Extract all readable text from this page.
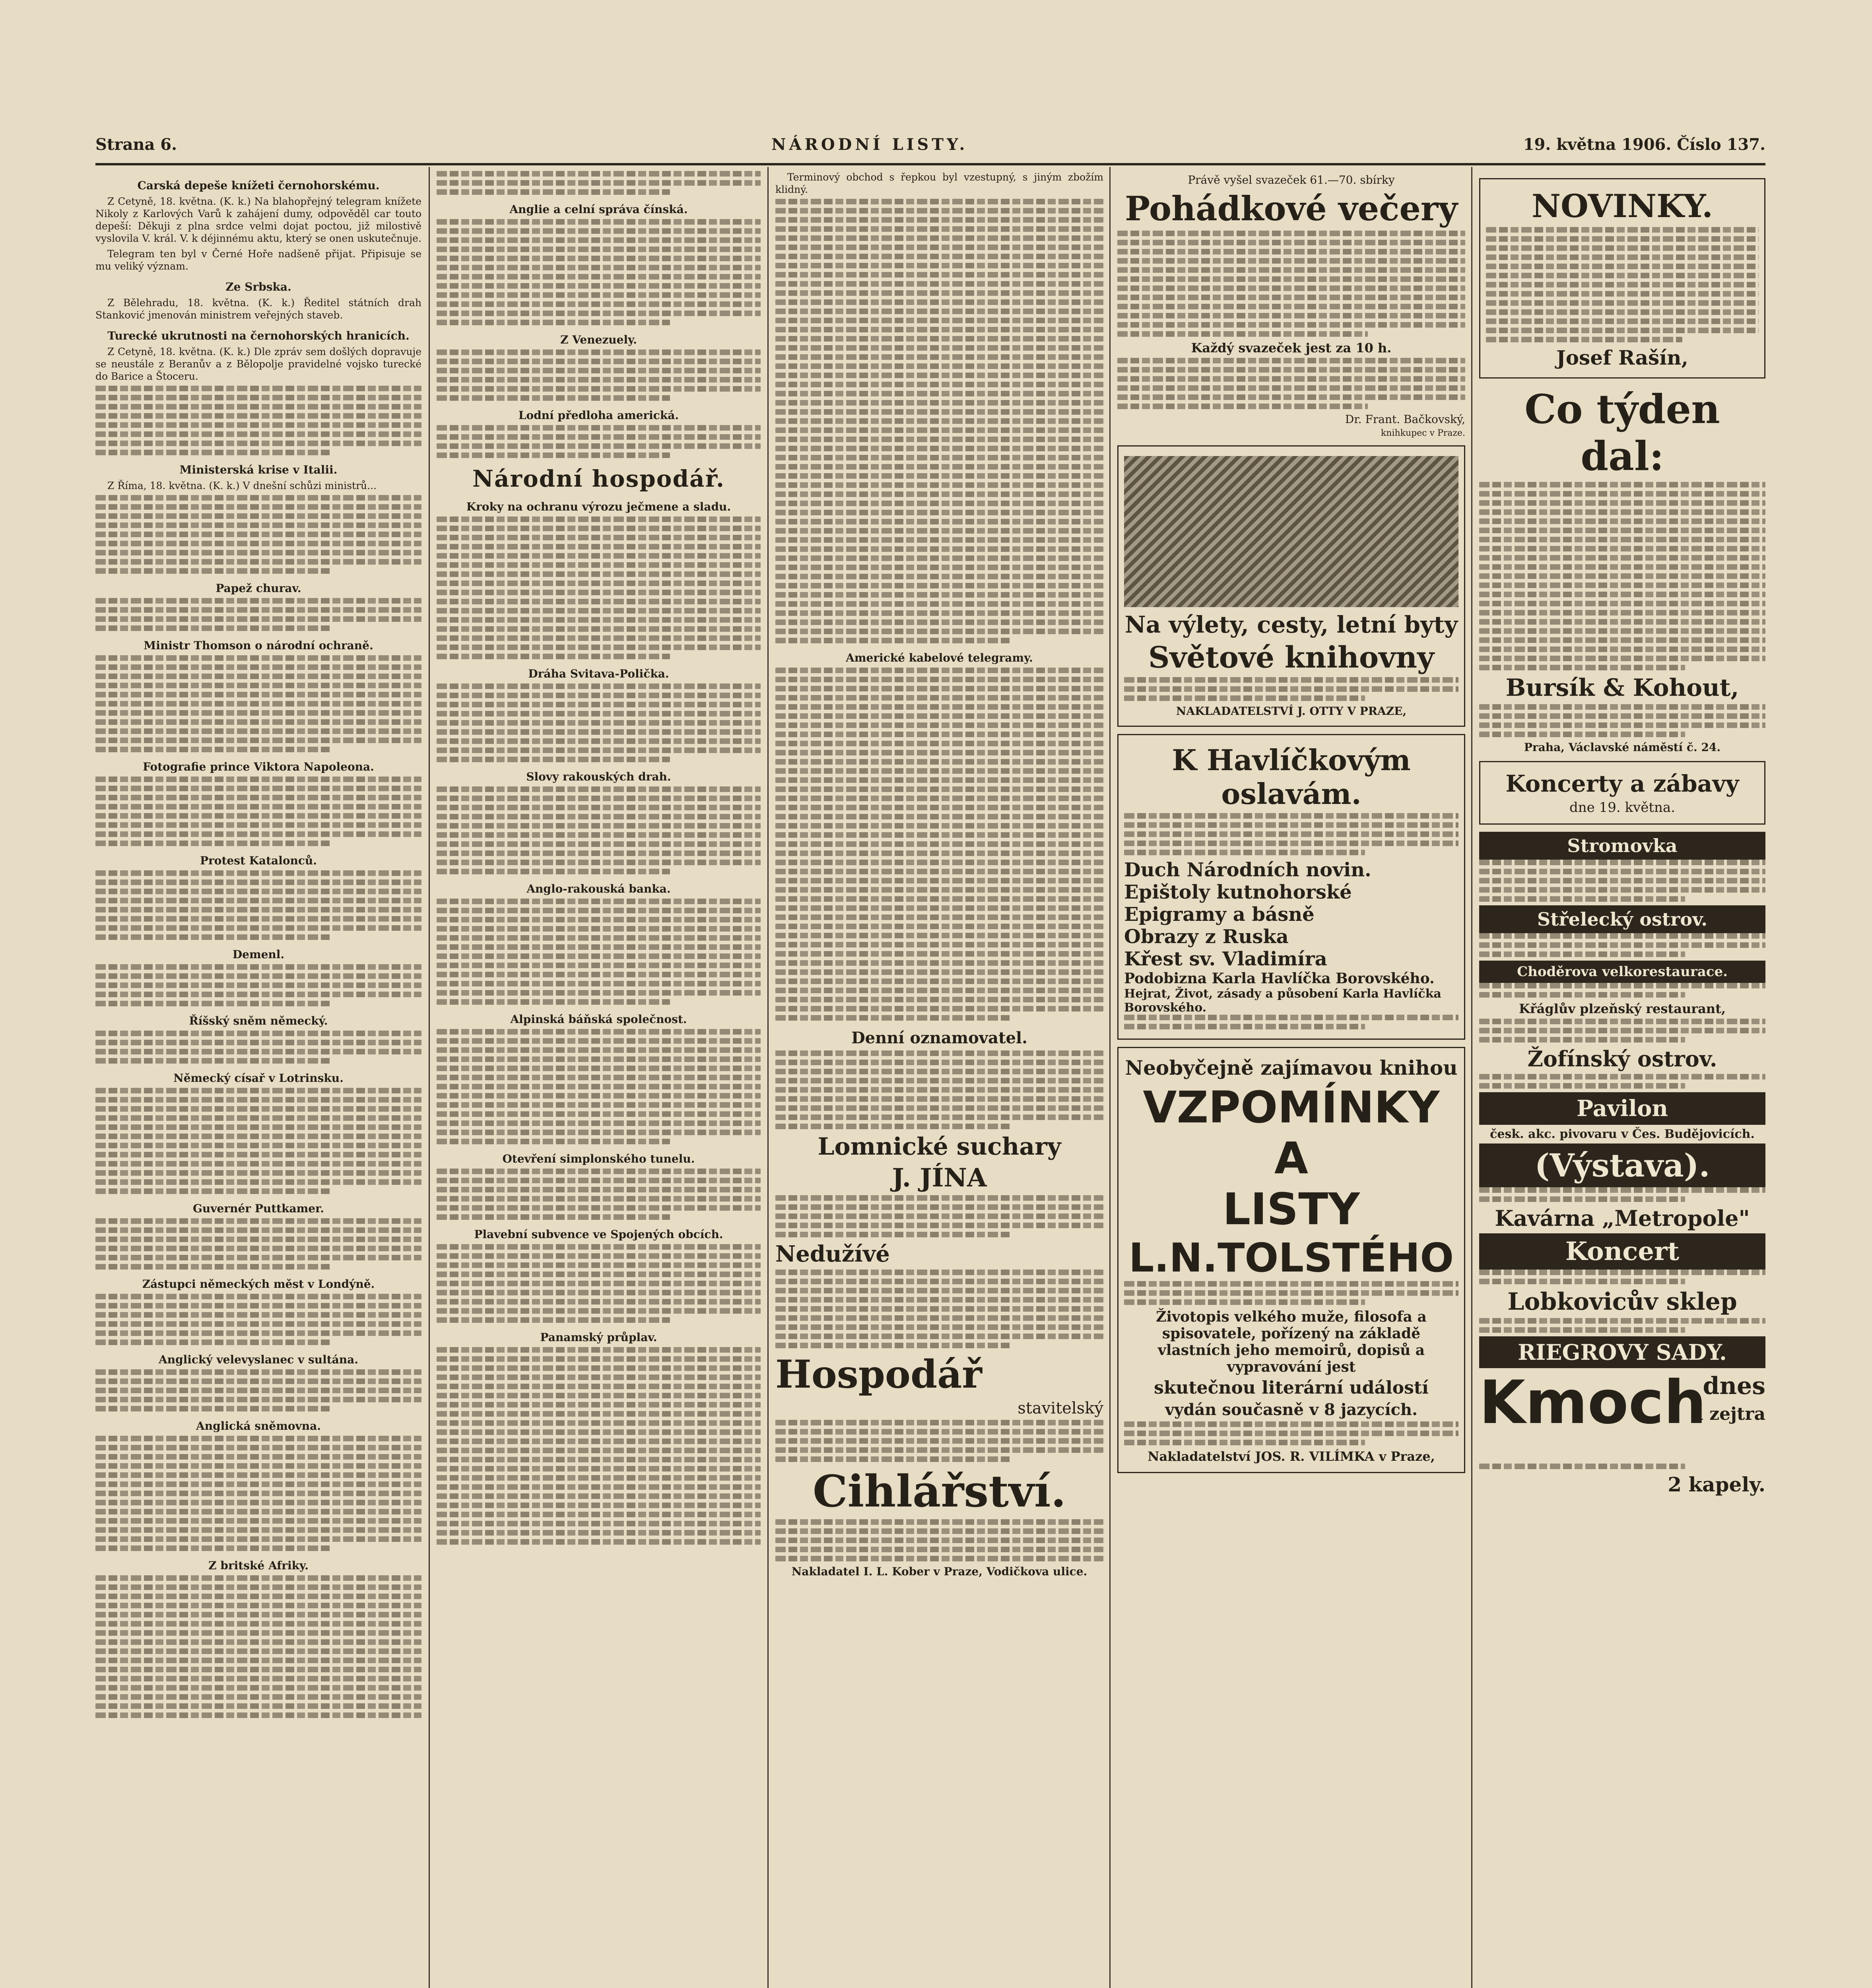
Strana 6.	NÁRODNÍ LISTY.	19. května 1906. Číslo 137.
Carská depeše knížeti černohorskému.

Z Cetyně, 18. května. (K. k.) Na blahopřejný telegram knížete Nikoly z Karlových Varů k zahájení dumy, odpověděl car touto depeší: Děkuji z plna srdce velmi dojat poctou, již milostivě vyslovila V. král. V. k déjinnému aktu, který se onen uskutečnuje.

Telegram ten byl v Černé Hoře nadšeně přijat. Připisuje se mu veliký význam.

Ze Srbska.

Z Bělehradu, 18. května. (K. k.) Ředitel státních drah Stanković jmenován ministrem veřejných staveb.

Turecké ukrutnosti na černohorských hranicích.

Z Cetyně, 18. května. (K. k.) Dle zpráv sem došlých dopravuje se neustále z Beranův a z Bělopolje pravidelné vojsko turecké do Barice a Štoceru.

Ministerská krise v Italii.

Z Říma, 18. května. (K. k.) V dnešní schůzi ministrů...

Papež churav.
Ministr Thomson o národní ochraně.
Fotografie prince Viktora Napoleona.
Protest Katalonců.
Demenl.
Říšský sněm německý.
Německý císař v Lotrinsku.
Guvernér Puttkamer.
Zástupci německých měst v Londýně.
Anglický velevyslanec v sultána.
Anglická sněmovna.
Z britské Afriky.
Anglie a celní správa čínská.
Z Venezuely.
Lodní předloha americká.
Národní hospodář.
Kroky na ochranu výrozu ječmene a sladu.
Dráha Svitava-Polička.
Slovy rakouských drah.
Anglo-rakouská banka.
Alpinská báňská společnost.
Otevření simplonského tunelu.
Plavební subvence ve Spojených obcích.
Panamský průplav.

Terminový obchod s řepkou byl vzestupný, s jiným zbožím klidný.

Americké kabelové telegramy.
Denní oznamovatel.
Lomnické suchary
J. JÍNA
Nedužívé
Hospodář
stavitelský
Cihlářství.
Nakladatel I. L. Kober v Praze, Vodičkova ulice.
Právě vyšel svazeček 61.—70. sbírky
Pohádkové večery
Každý svazeček jest za 10 h.
Dr. Frant. Bačkovský,
knihkupec v Praze.
Na výlety, cesty, letní byty
Světové knihovny
NAKLADATELSTVÍ J. OTTY V PRAZE,
K Havlíčkovým oslavám.
Duch Národních novin.
Epištoly kutnohorské
Epigramy a básně
Obrazy z Ruska
Křest sv. Vladimíra
Podobizna Karla Havlíčka Borovského.
Hejrat, Život, zásady a působení Karla Havlíčka Borovského.
Neobyčejně zajímavou knihou
VZPOMÍNKY A
LISTY
L.N.TOLSTÉHO
Životopis velkého muže, filosofa a spisovatele, pořízený na základě vlastních jeho memoirů, dopisů a vypravování jest
skutečnou literární událostí
vydán současně v 8 jazycích.
Nakladatelství JOS. R. VILÍMKA v Praze,
NOVINKY.
Josef Rašín,
Co týden dal:
Bursík & Kohout,
Praha, Václavské náměstí č. 24.
Koncerty a zábavy
dne 19. května.
Stromovka
Střelecký ostrov.
Choděrova velkorestaurace.
Křáglův plzeňský restaurant,
Žofínský ostrov.
Pavilon
česk. akc. pivovaru v Čes. Budějovicích.
(Výstava).
Kavárna „Metropole"
Koncert
Lobkovicův sklep
RIEGROVY SADY.
Kmoch
dnes
a zejtra
2 kapely.
